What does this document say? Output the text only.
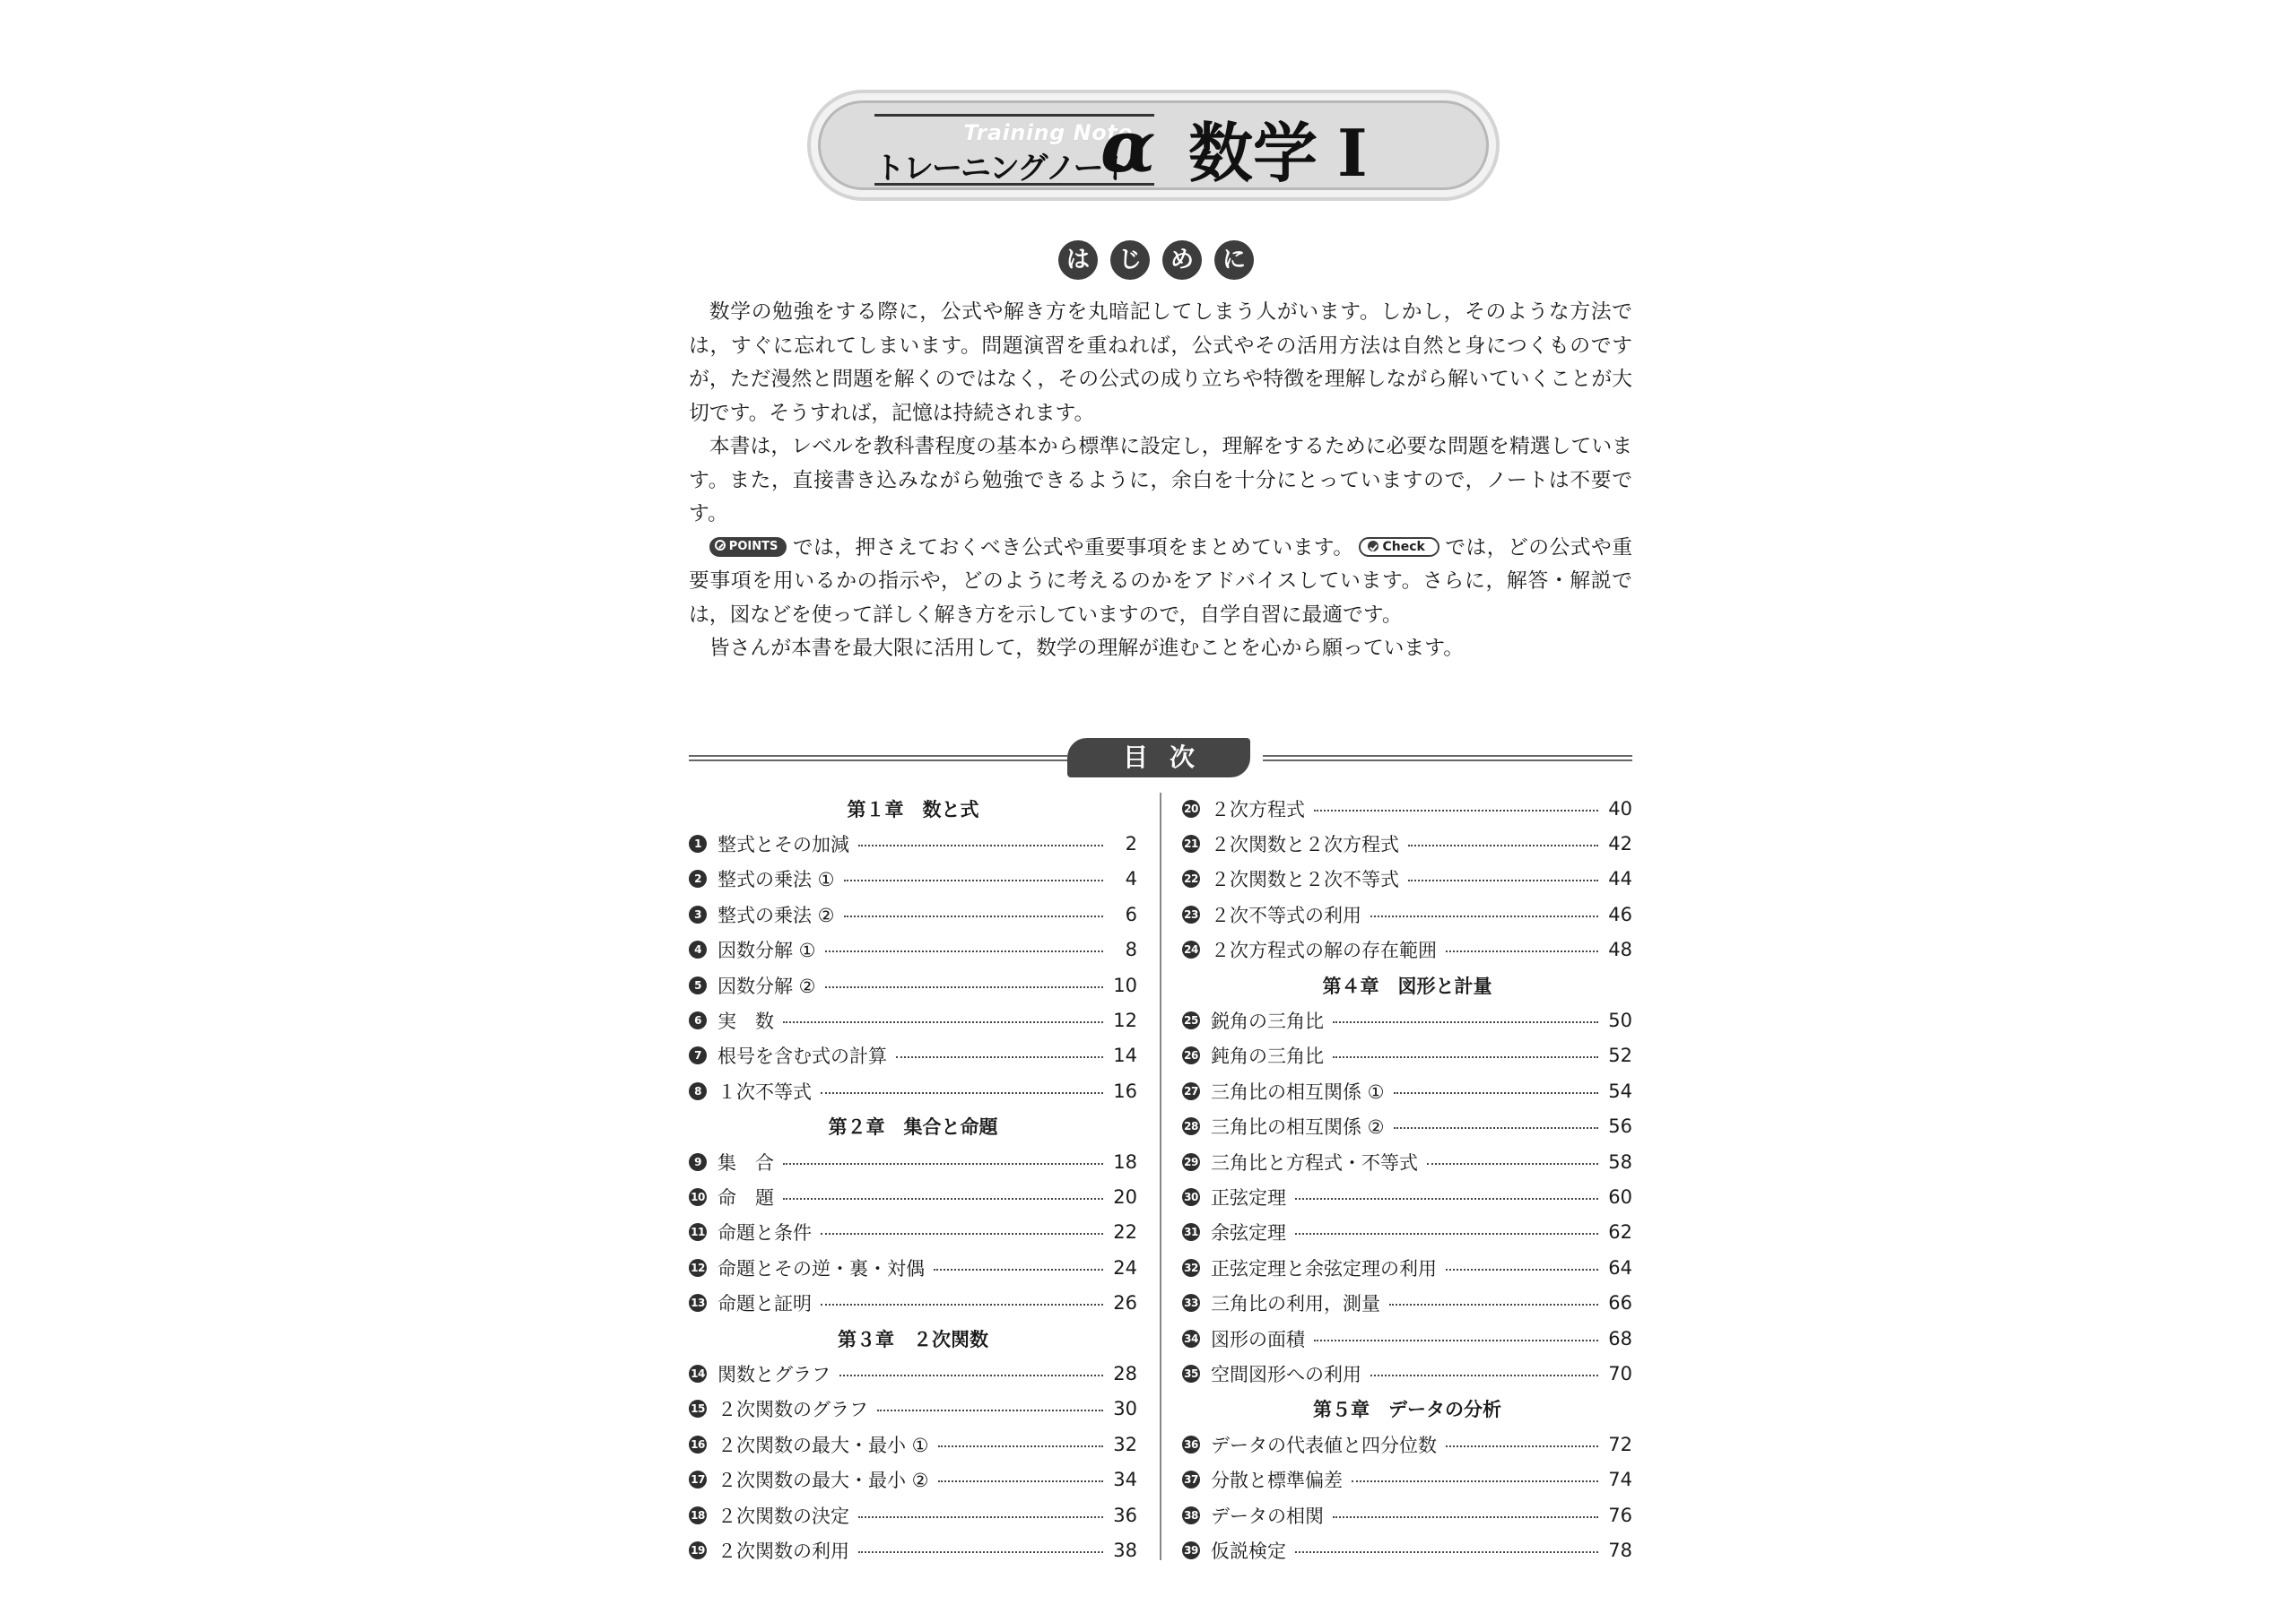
Training Note
トレーニングノート
α 数学 Ⅰ
は	じ	め	に

数学の勉強をする際に，公式や解き方を丸暗記してしまう人がいます。しかし，そのような方法では，すぐに忘れてしまいます。問題演習を重ねれば，公式やその活用方法は自然と身につくものですが，ただ漫然と問題を解くのではなく，その公式の成り立ちや特徴を理解しながら解いていくことが大切です。そうすれば，記憶は持続されます。

本書は，レベルを教科書程度の基本から標準に設定し，理解をするために必要な問題を精選しています。また，直接書き込みながら勉強できるように，余白を十分にとっていますので，ノートは不要です。

POINTS では，押さえておくべき公式や重要事項をまとめています。 Check では，どの公式や重要事項を用いるかの指示や，どのように考えるのかをアドバイスしています。さらに，解答・解説では，図などを使って詳しく解き方を示していますので，自学自習に最適です。

皆さんが本書を最大限に活用して，数学の理解が進むことを心から願っています。

目次
第１章　数と式
1 整式とその加減	2
2 整式の乗法 ①	4
3 整式の乗法 ②	6
4 因数分解 ①	8
5 因数分解 ②	10
6 実　数	12
7 根号を含む式の計算	14
8 １次不等式	16
第２章　集合と命題
9 集　合	18
10 命　題	20
11 命題と条件	22
12 命題とその逆・裏・対偶	24
13 命題と証明	26
第３章　２次関数
14 関数とグラフ	28
15 ２次関数のグラフ	30
16 ２次関数の最大・最小 ①	32
17 ２次関数の最大・最小 ②	34
18 ２次関数の決定	36
19 ２次関数の利用	38
20 ２次方程式	40
21 ２次関数と２次方程式	42
22 ２次関数と２次不等式	44
23 ２次不等式の利用	46
24 ２次方程式の解の存在範囲	48
第４章　図形と計量
25 鋭角の三角比	50
26 鈍角の三角比	52
27 三角比の相互関係 ①	54
28 三角比の相互関係 ②	56
29 三角比と方程式・不等式	58
30 正弦定理	60
31 余弦定理	62
32 正弦定理と余弦定理の利用	64
33 三角比の利用，測量	66
34 図形の面積	68
35 空間図形への利用	70
第５章　データの分析
36 データの代表値と四分位数	72
37 分散と標準偏差	74
38 データの相関	76
39 仮説検定	78
